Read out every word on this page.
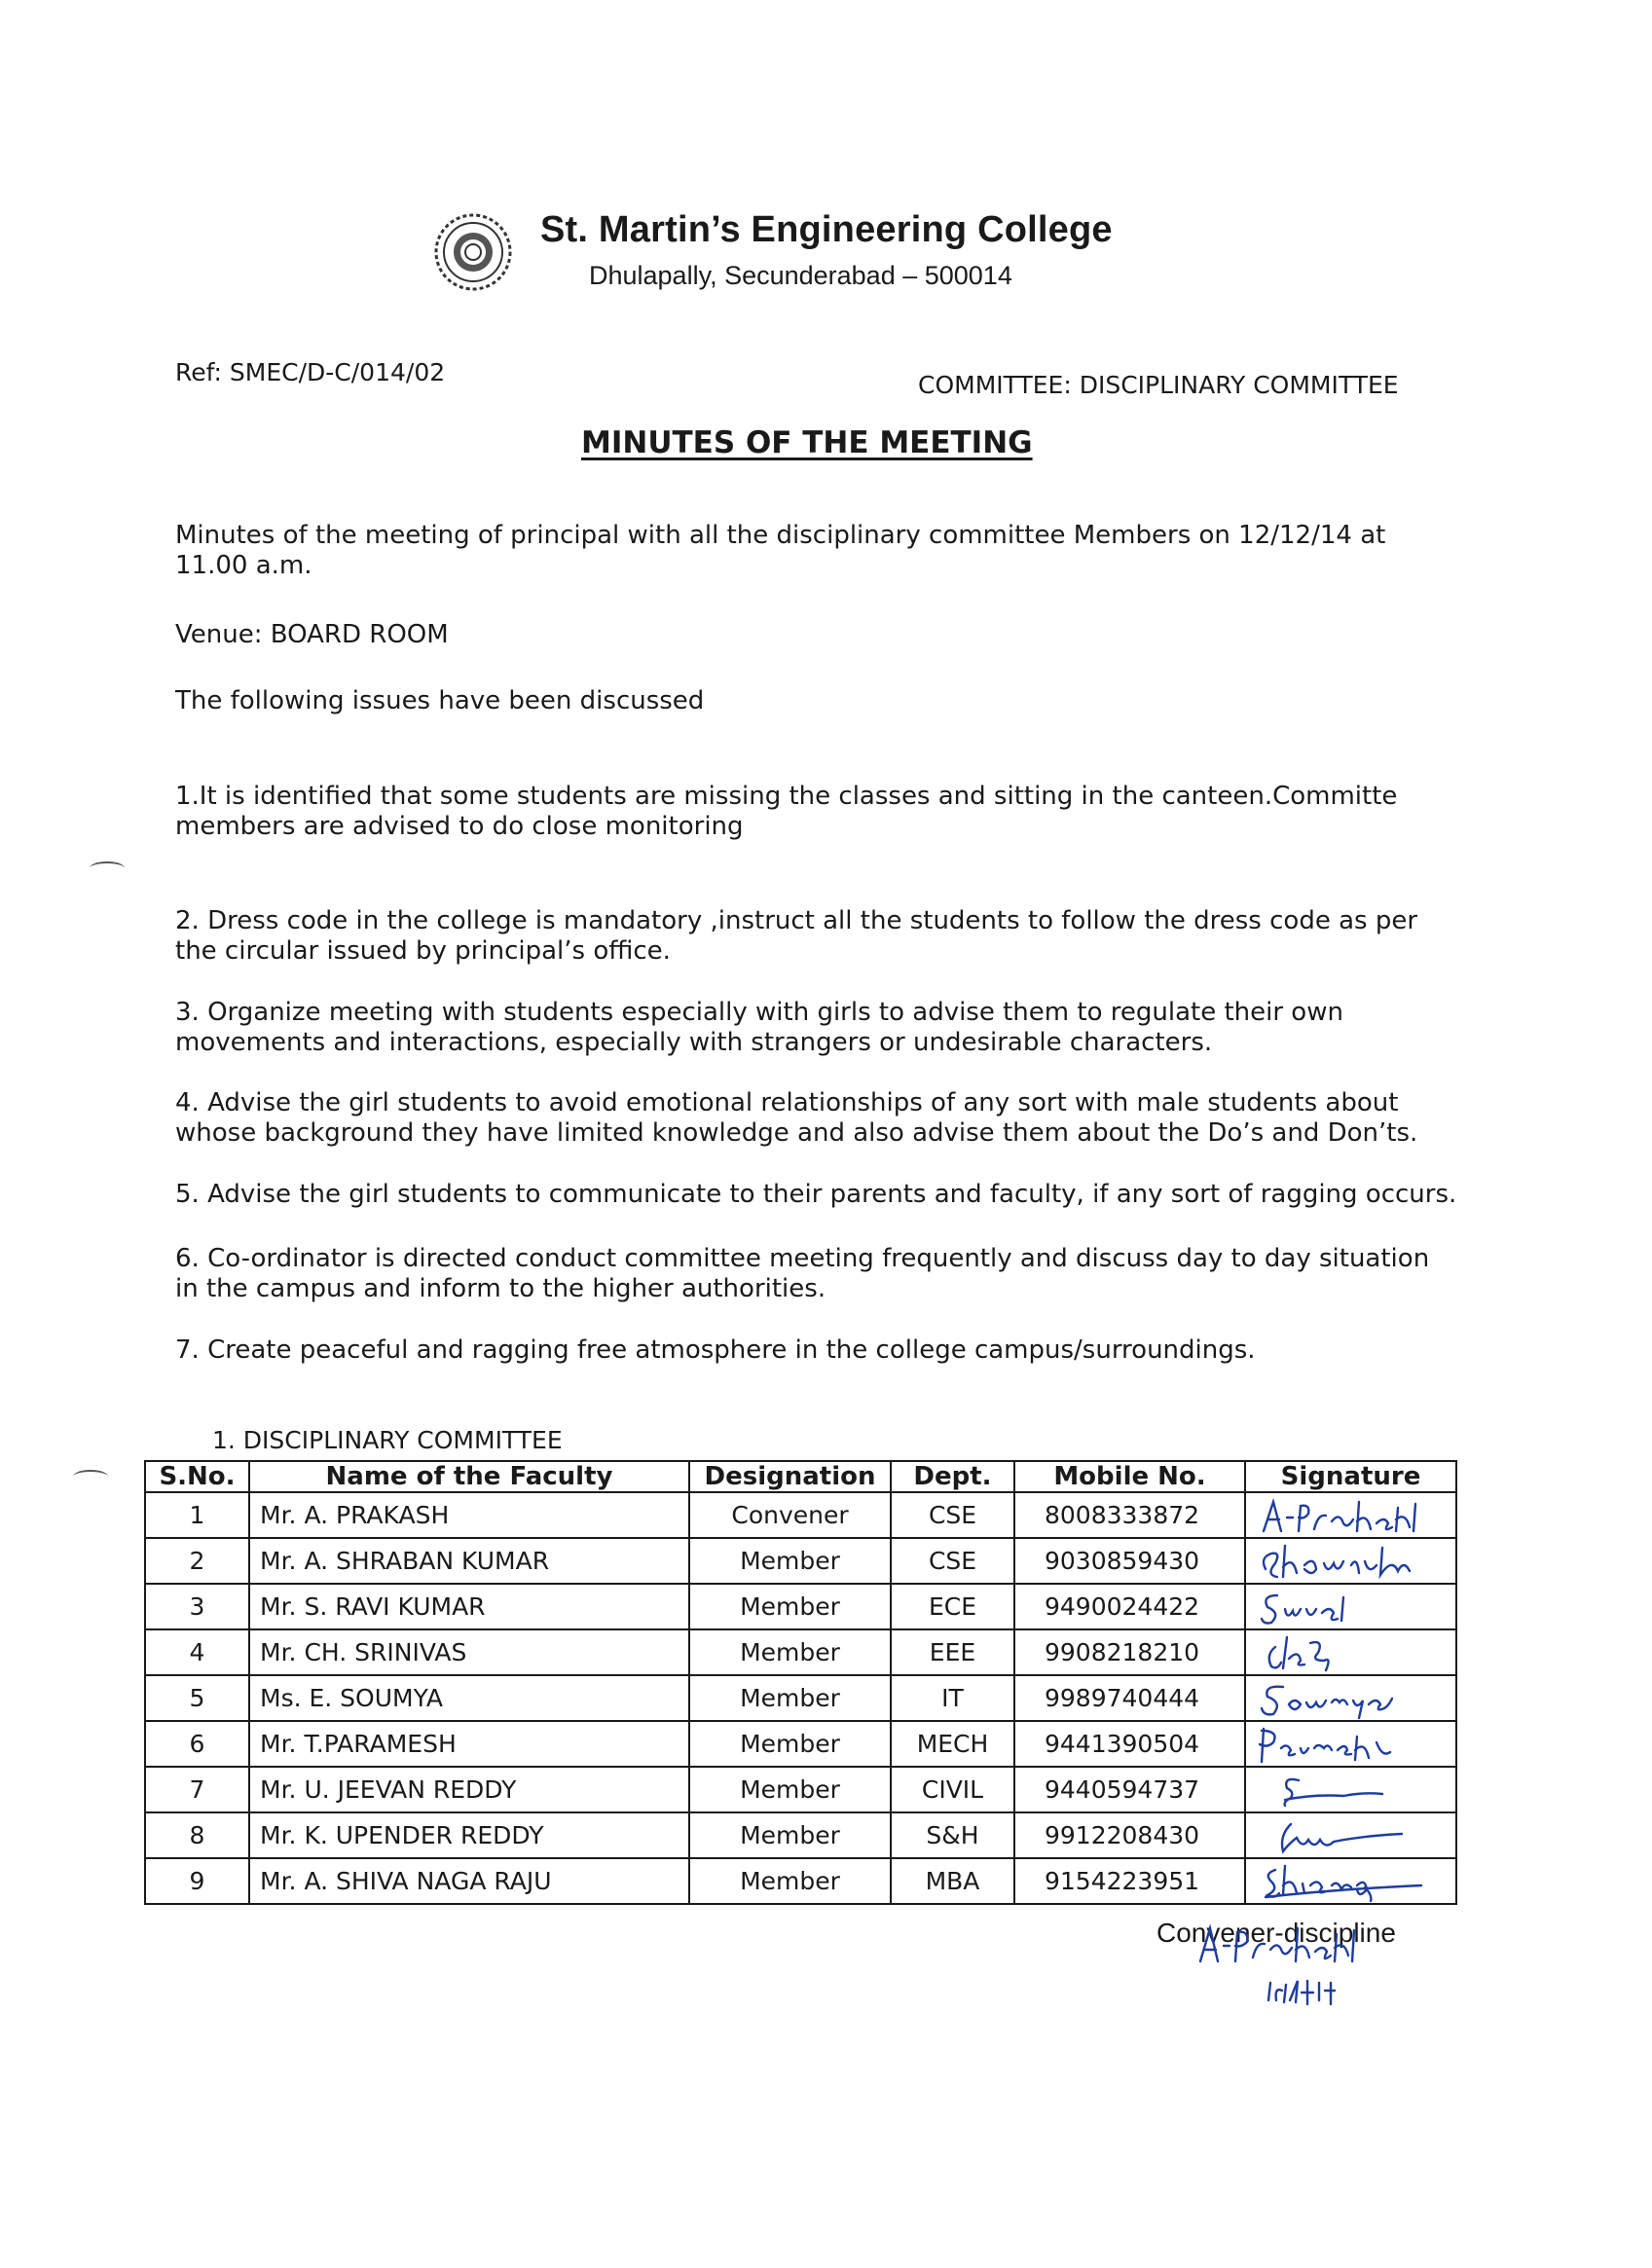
St. Martin’s Engineering College
Dhulapally, Secunderabad – 500014
Ref: SMEC/D-C/014/02	COMMITTEE: DISCIPLINARY COMMITTEE
MINUTES OF THE MEETING
Minutes of the meeting of principal with all the disciplinary committee Members on 12/12/14 at 11.00 a.m.
Venue: BOARD ROOM
The following issues have been discussed
1.It is identified that some students are missing the classes and sitting in the canteen.Committe members are advised to do close monitoring
2. Dress code in the college is mandatory ,instruct all the students to follow the dress code as per the circular issued by principal’s office.
3. Organize meeting with students especially with girls to advise them to regulate their own movements and interactions, especially with strangers or undesirable characters.
4. Advise the girl students to avoid emotional relationships of any sort with male students about whose background they have limited knowledge and also advise them about the Do’s and Don’ts.
5. Advise the girl students to communicate to their parents and faculty, if any sort of ragging occurs.
6. Co-ordinator is directed conduct committee meeting frequently and discuss day to day situation in the campus and inform to the higher authorities.
7. Create peaceful and ragging free atmosphere in the college campus/surroundings.
1. DISCIPLINARY COMMITTEE
S.No.	Name of the Faculty	Designation	Dept.	Mobile No.	Signature
1	Mr. A. PRAKASH	Convener	CSE	8008333872	

2	Mr. A. SHRABAN KUMAR	Member	CSE	9030859430	

3	Mr. S. RAVI KUMAR	Member	ECE	9490024422	

4	Mr. CH. SRINIVAS	Member	EEE	9908218210	

5	Ms. E. SOUMYA	Member	IT	9989740444	

6	Mr. T.PARAMESH	Member	MECH	9441390504	

7	Mr. U. JEEVAN REDDY	Member	CIVIL	9440594737	

8	Mr. K. UPENDER REDDY	Member	S&H	9912208430	

9	Mr. A. SHIVA NAGA RAJU	Member	MBA	9154223951	
Convener-discipline
